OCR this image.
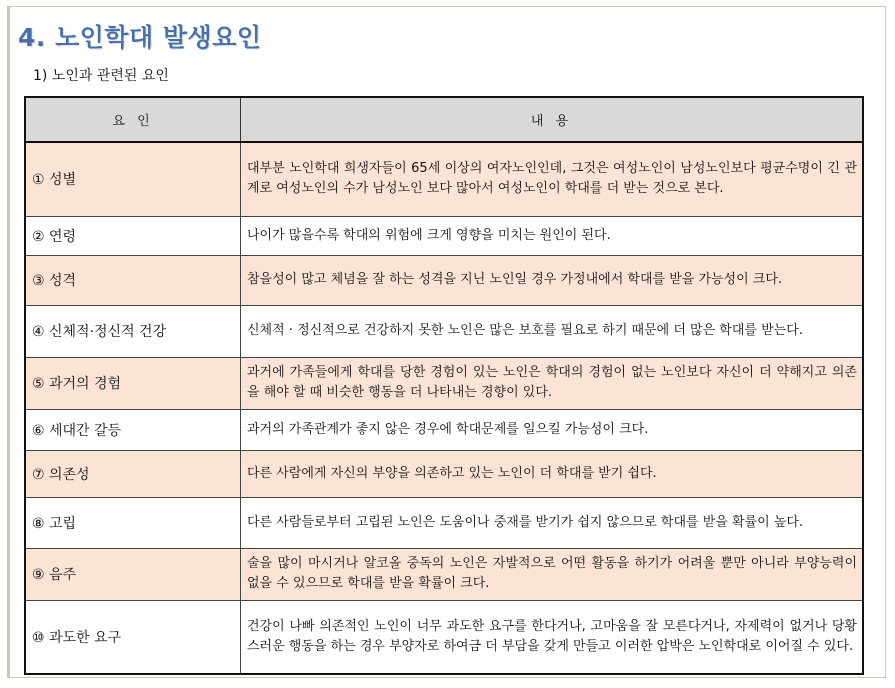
4. 노인학대 발생요인
1) 노인과 관련된 요인
요 인	내 용
① 성별	대부분 노인학대 희생자들이 65세 이상의 여자노인인데, 그것은 여성노인이 남성노인보다 평균수명이 긴 관계로 여성노인의 수가 남성노인 보다 많아서 여성노인이 학대를 더 받는 것으로 본다.
② 연령	나이가 많을수록 학대의 위험에 크게 영향을 미치는 원인이 된다.
③ 성격	참을성이 많고 체념을 잘 하는 성격을 지닌 노인일 경우 가정내에서 학대를 받을 가능성이 크다.
④ 신체적·정신적 건강	신체적 · 정신적으로 건강하지 못한 노인은 많은 보호를 필요로 하기 때문에 더 많은 학대를 받는다.
⑤ 과거의 경험	과거에 가족들에게 학대를 당한 경험이 있는 노인은 학대의 경험이 없는 노인보다 자신이 더 약해지고 의존을 해야 할 때 비슷한 행동을 더 나타내는 경향이 있다.
⑥ 세대간 갈등	과거의 가족관계가 좋지 않은 경우에 학대문제를 일으킬 가능성이 크다.
⑦ 의존성	다른 사람에게 자신의 부양을 의존하고 있는 노인이 더 학대를 받기 쉽다.
⑧ 고립	다른 사람들로부터 고립된 노인은 도움이나 중재를 받기가 쉽지 않으므로 학대를 받을 확률이 높다.
⑨ 음주	술을 많이 마시거나 알코올 중독의 노인은 자발적으로 어떤 활동을 하기가 어려울 뿐만 아니라 부양능력이 없을 수 있으므로 학대를 받을 확률이 크다.
⑩ 과도한 요구	건강이 나빠 의존적인 노인이 너무 과도한 요구를 한다거나, 고마움을 잘 모른다거나, 자제력이 없거나 당황스러운 행동을 하는 경우 부양자로 하여금 더 부담을 갖게 만들고 이러한 압박은 노인학대로 이어질 수 있다.
